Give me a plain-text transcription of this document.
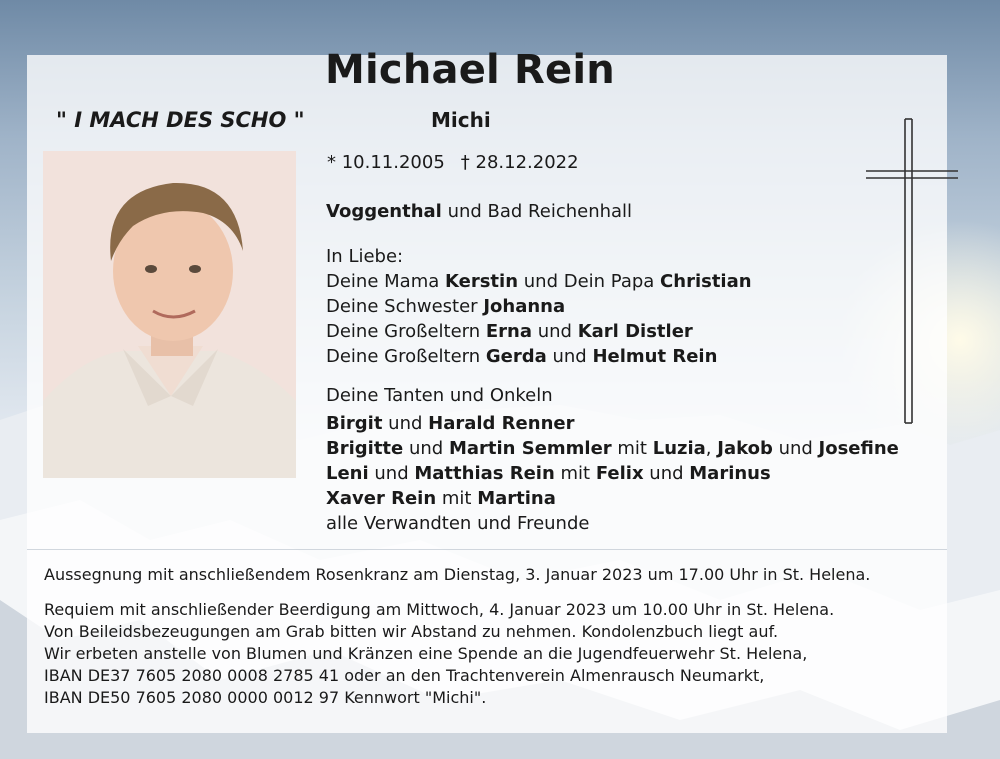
Michael Rein
" I MACH DES SCHO "	Michi
* 10.11.2005 † 28.12.2022
Voggenthal und Bad Reichenhall
In Liebe:
Deine Mama Kerstin und Dein Papa Christian
Deine Schwester Johanna
Deine Großeltern Erna und Karl Distler
Deine Großeltern Gerda und Helmut Rein
Deine Tanten und Onkeln
Birgit und Harald Renner
Brigitte und Martin Semmler mit Luzia, Jakob und Josefine
Leni und Matthias Rein mit Felix und Marinus
Xaver Rein mit Martina
alle Verwandten und Freunde
Aussegnung mit anschließendem Rosenkranz am Dienstag, 3. Januar 2023 um 17.00 Uhr in St. Helena.
Requiem mit anschließender Beerdigung am Mittwoch, 4. Januar 2023 um 10.00 Uhr in St. Helena.
Von Beileidsbezeugungen am Grab bitten wir Abstand zu nehmen. Kondolenzbuch liegt auf.
Wir erbeten anstelle von Blumen und Kränzen eine Spende an die Jugendfeuerwehr St. Helena,
IBAN DE37 7605 2080 0008 2785 41 oder an den Trachtenverein Almenrausch Neumarkt,
IBAN DE50 7605 2080 0000 0012 97 Kennwort "Michi".
